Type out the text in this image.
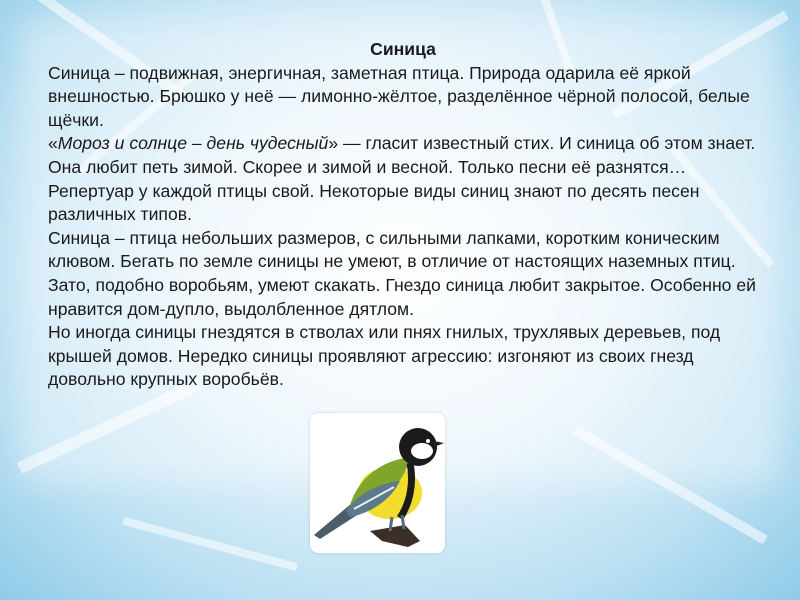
Синица

Синица – подвижная, энергичная, заметная птица. Природа одарила её яркой внешностью. Брюшко у неё — лимонно-жёлтое, разделённое чёрной полосой, белые щёчки.

«Мороз и солнце – день чудесный» — гласит известный стих. И синица об этом знает. Она любит петь зимой. Скорее и зимой и весной. Только песни её разнятся…

Репертуар у каждой птицы свой. Некоторые виды синиц знают по десять песен различных типов.

Синица – птица небольших размеров, с сильными лапками, коротким коническим клювом. Бегать по земле синицы не умеют, в отличие от настоящих наземных птиц. Зато, подобно воробьям, умеют скакать. Гнездо синица любит закрытое. Особенно ей нравится дом-дупло, выдолбленное дятлом.

Но иногда синицы гнездятся в стволах или пнях гнилых, трухлявых деревьев, под крышей домов. Нередко синицы проявляют агрессию: изгоняют из своих гнезд довольно крупных воробьёв.
